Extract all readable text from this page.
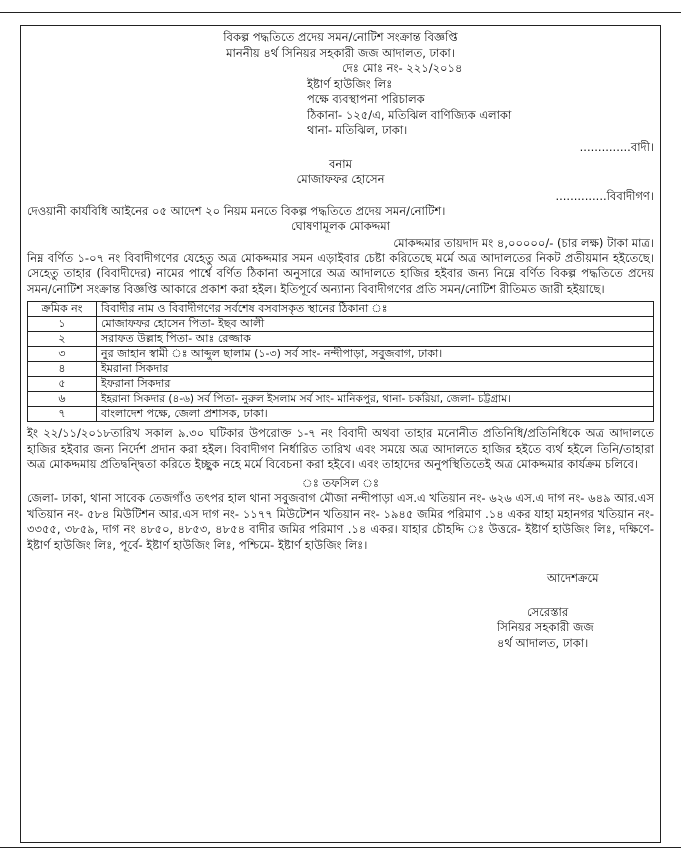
বিকল্প পদ্ধতিতে প্রদেয় সমন/নোটিশ সংক্রান্ত বিজ্ঞপ্তি
মাননীয় ৪র্থ সিনিয়র সহকারী জজ আদালত, ঢাকা।
দেঃ মোঃ নং- ২২১/২০১৪
ইষ্টার্ণ হাউজিং লিঃ
পক্ষে ব্যবস্থাপনা পরিচালক
ঠিকানা- ১২৫/এ, মতিঝিল বাণিজ্যিক এলাকা
থানা- মতিঝিল, ঢাকা।
..............বাদী।
বনাম
মোজাফফর হোসেন
..............বিবাদীগণ।
দেওয়ানী কার্যবিধি আইনের ০৫ আদেশ ২০ নিয়ম মনতে বিকল্প পদ্ধতিতে প্রদেয় সমন/নোটিশ।
ঘোষণামূলক মোকদ্দমা
মোকদ্দমার তায়দাদ মং ৪,০০০০০/- (চার লক্ষ) টাকা মাত্র।
নিম্ন বর্ণিত ১-০৭ নং বিবাদীগণের যেহেতু অত্র মোকদ্দমার সমন এড়াইবার চেষ্টা করিতেছে মর্মে অত্র আদালতের নিকট প্রতীয়মান হইতেছে। সেহেতু তাহার (বিবাদীদের) নামের পার্শ্বে বর্ণিত ঠিকানা অনুসারে অত্র আদালতে হাজির হইবার জন্য নিম্নে বর্ণিত বিকল্প পদ্ধতিতে প্রদেয় সমন/নোটিশ সংক্রান্ত বিজ্ঞপ্তি আকারে প্রকাশ করা হইল। ইতিপূর্বে অন্যান্য বিবাদীগণের প্রতি সমন/নোটিশ রীতিমত জারী হইয়াছে।
ক্রমিক নং	বিবাদীর নাম ও বিবাদীগণের সর্বশেষ বসবাসকৃত স্থানের ঠিকানা ঃ
১	মোজাফফর হোসেন পিতা- ইছব আলী
২	সরাফত উল্লাহ পিতা- আঃ রেজ্জাক
৩	নুর জাহান স্বামী ঃ আব্দুল ছালাম (১-৩) সর্ব সাং- নন্দীপাড়া, সবুজবাগ, ঢাকা।
৪	ইমরানা সিকদার
৫	ইফরানা সিকদার
৬	ইহরানা সিকদার (৪-৬) সর্ব পিতা- নুরুল ইসলাম সর্ব সাং- মানিকপুর, থানা- চকরিয়া, জেলা- চট্টগ্রাম।
৭	বাংলাদেশ পক্ষে, জেলা প্রশাসক, ঢাকা।
ইং ২২/১১/২০১৮তারিখ সকাল ৯.৩০ ঘটিকার উপরোক্ত ১-৭ নং বিবাদী অথবা তাহার মনোনীত প্রতিনিধি/প্রতিনিধিকে অত্র আদালতে হাজির হইবার জন্য নির্দেশ প্রদান করা হইল। বিবাদীগণ নির্ধারিত তারিখ এবং সময়ে অত্র আদালতে হাজির হইতে ব্যর্থ হইলে তিনি/তাহারা অত্র মোকদ্দমায় প্রতিদ্বন্দ্বিতা করিতে ইচ্ছুক নহে মর্মে বিবেচনা করা হইবে। এবং তাহাদের অনুপস্থিতিতেই অত্র মোকদ্দমার কার্যক্রম চলিবে।
ঃ তফসিল ঃ
জেলা- ঢাকা, থানা সাবেক তেজগাঁও তৎপর হাল থানা সবুজবাগ মৌজা নন্দীপাড়া এস.এ খতিয়ান নং- ৬২৬ এস.এ দাগ নং- ৬৪৯ আর.এস খতিয়ান নং- ৫৮৪ মিউটিশন আর.এস দাগ নং- ১১৭৭ মিউটেশন খতিয়ান নং- ১৯৪৫ জমির পরিমাণ .১৪ একর যাহা মহানগর খতিয়ান নং- ৩৩৫৫, ৩৮৫৯, দাগ নং ৪৮৫০, ৪৮৫৩, ৪৮৫৪ বাদীর জমির পরিমাণ .১৪ একর। যাহার চৌহদ্দি ঃ উত্তরে- ইষ্টার্ণ হাউজিং লিঃ, দক্ষিণে- ইষ্টার্ণ হাউজিং লিঃ, পূর্বে- ইষ্টার্ণ হাউজিং লিঃ, পশ্চিমে- ইষ্টার্ণ হাউজিং লিঃ।
আদেশক্রমে
সেরেস্তার
সিনিয়র সহকারী জজ
৪র্থ আদালত, ঢাকা।
